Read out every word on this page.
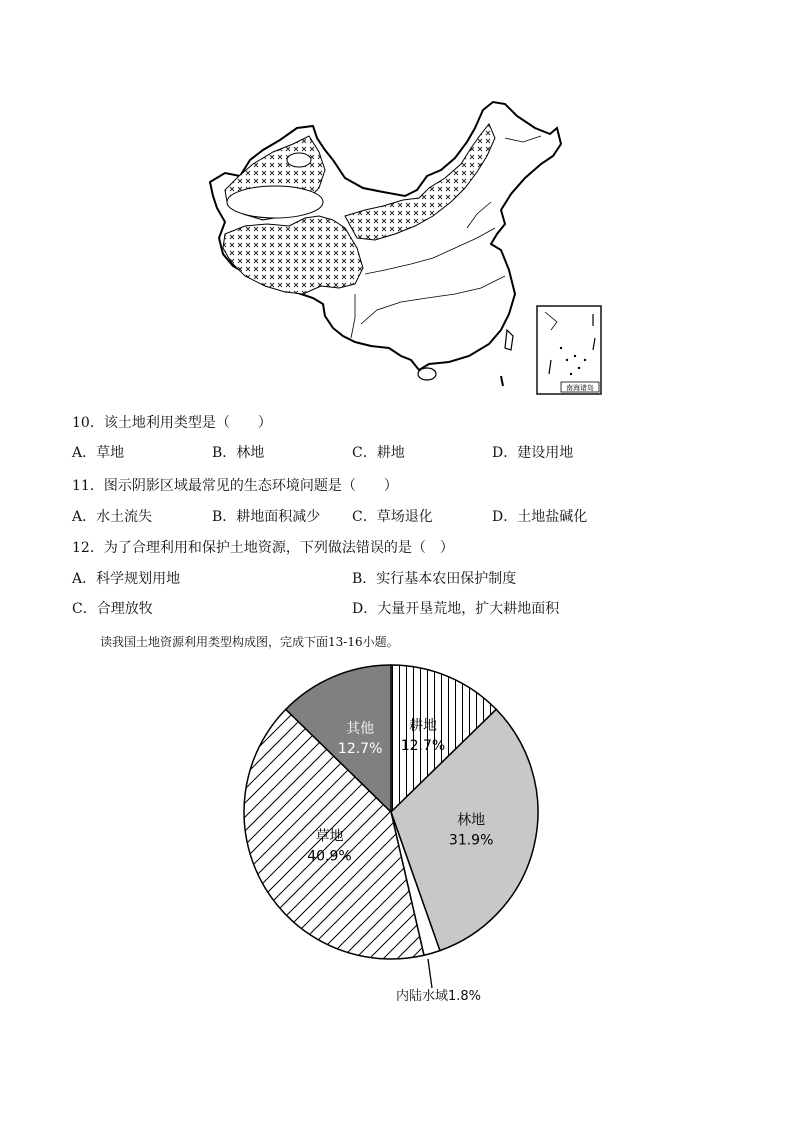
南海诸岛
10．该土地利用类型是（　　）
A．草地	B．林地	C．耕地	D．建设用地
11．图示阴影区域最常见的生态环境问题是（　　）
A．水土流失	B．耕地面积减少 C．草场退化	D．土地盐碱化
12．为了合理利用和保护土地资源，下列做法错误的是（　）
A．科学规划用地	B．实行基本农田保护制度
C．合理放牧	D．大量开垦荒地，扩大耕地面积
读我国土地资源利用类型构成图，完成下面13-16小题。
耕地
12.7%
林地
31.9%
草地
40.9%
其他
12.7%
内陆水域1.8%
